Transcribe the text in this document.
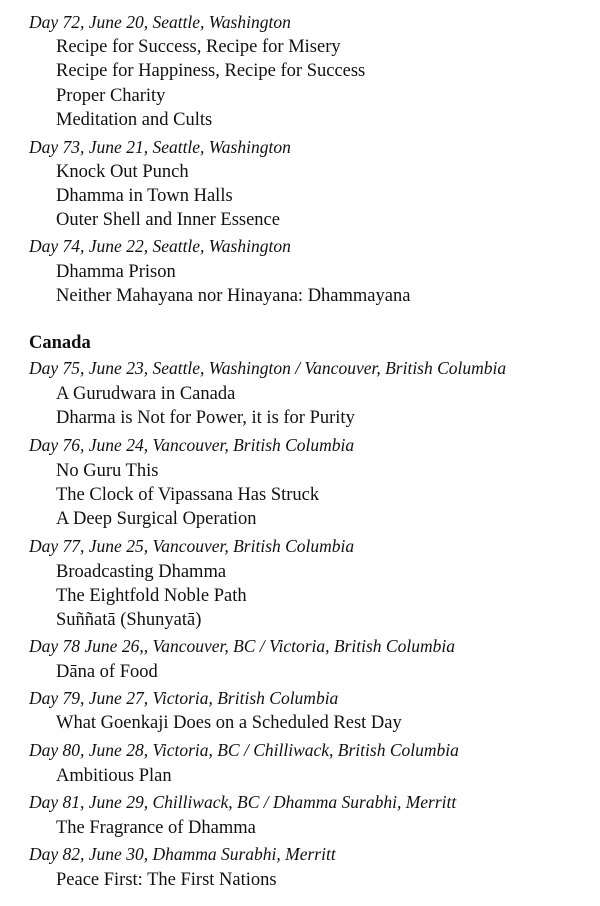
Day 72, June 20, Seattle, Washington
Recipe for Success, Recipe for Misery
Recipe for Happiness, Recipe for Success
Proper Charity
Meditation and Cults
Day 73, June 21, Seattle, Washington
Knock Out Punch
Dhamma in Town Halls
Outer Shell and Inner Essence
Day 74, June 22, Seattle, Washington
Dhamma Prison
Neither Mahayana nor Hinayana: Dhammayana
Canada
Day 75, June 23, Seattle, Washington / Vancouver, British Columbia
A Gurudwara in Canada
Dharma is Not for Power, it is for Purity
Day 76, June 24, Vancouver, British Columbia
No Guru This
The Clock of Vipassana Has Struck
A Deep Surgical Operation
Day 77, June 25, Vancouver, British Columbia
Broadcasting Dhamma
The Eightfold Noble Path
Suññatā (Shunyatā)
Day 78 June 26,, Vancouver, BC / Victoria, British Columbia
Dāna of Food
Day 79, June 27, Victoria, British Columbia
What Goenkaji Does on a Scheduled Rest Day
Day 80, June 28, Victoria, BC / Chilliwack, British Columbia
Ambitious Plan
Day 81, June 29, Chilliwack, BC / Dhamma Surabhi, Merritt
The Fragrance of Dhamma
Day 82, June 30, Dhamma Surabhi, Merritt
Peace First: The First Nations
